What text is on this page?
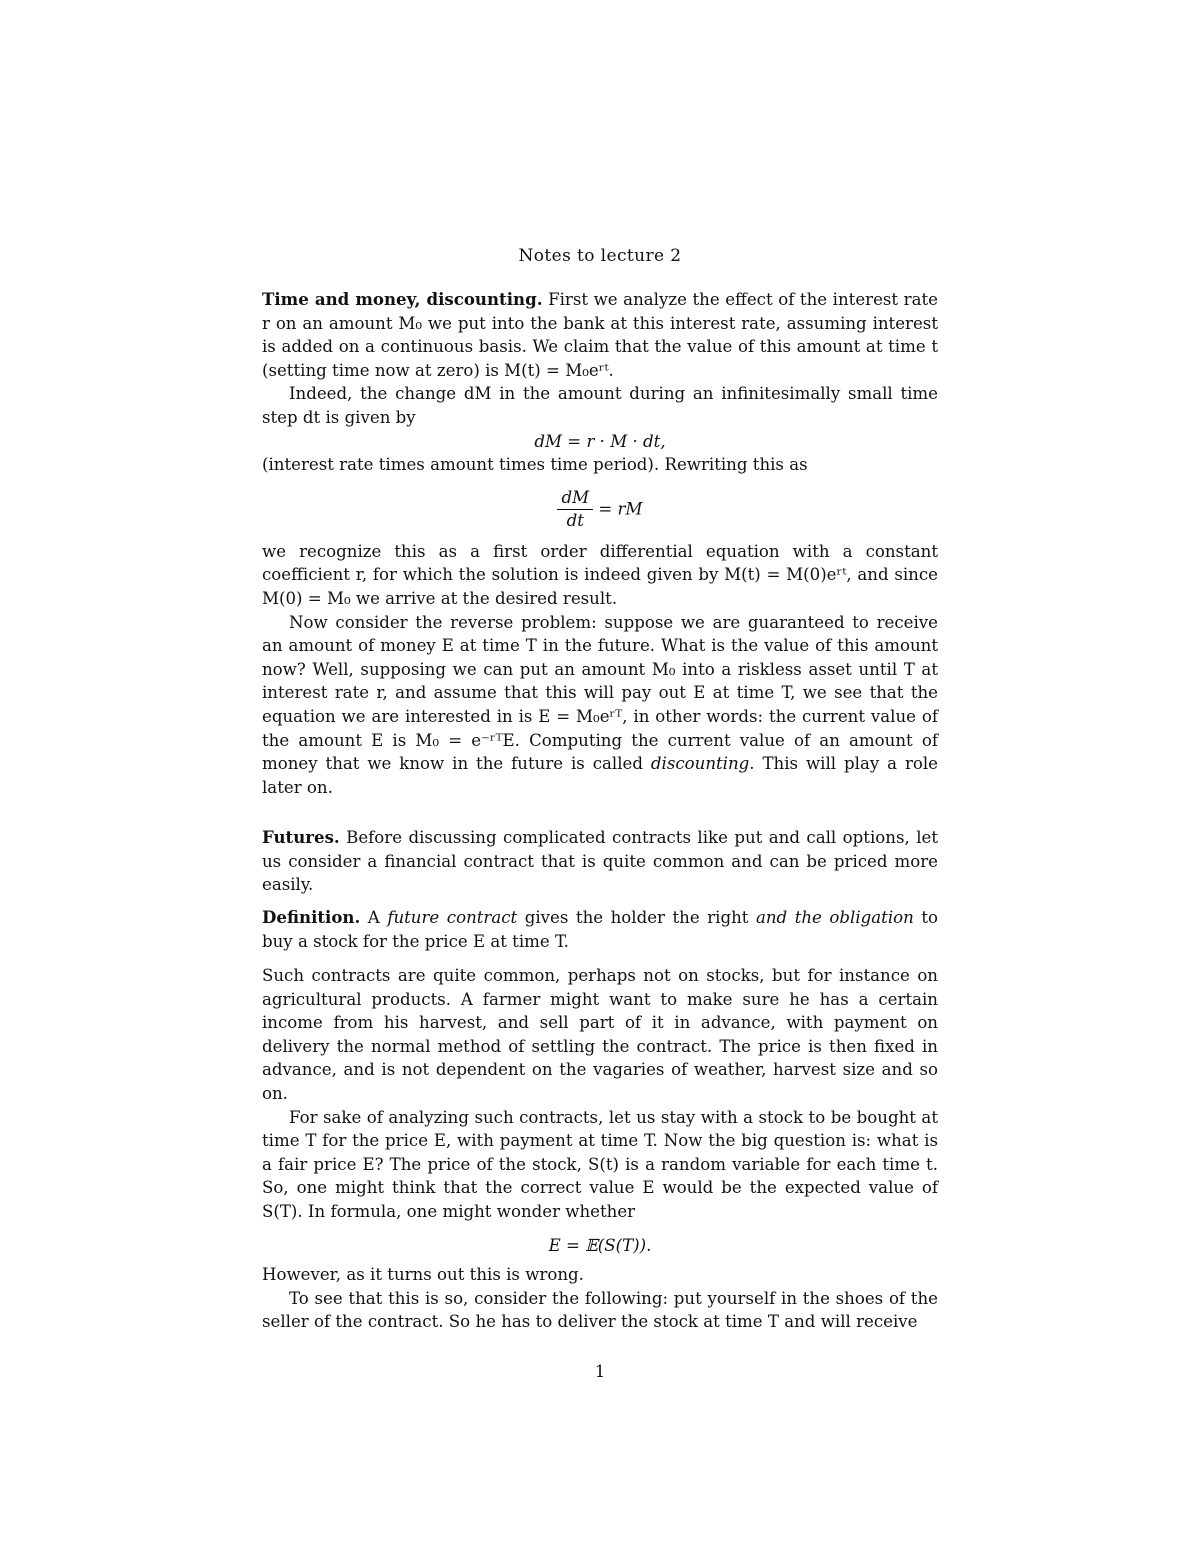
Notes to lecture 2

Time and money, discounting. First we analyze the effect of the interest rate r on an amount M₀ we put into the bank at this interest rate, assuming interest is added on a continuous basis. We claim that the value of this amount at time t (setting time now at zero) is M(t) = M₀eʳᵗ.

Indeed, the change dM in the amount during an infinitesimally small time step dt is given by

dM = r · M · dt,

(interest rate times amount times time period). Rewriting this as

$\frac{dM}{dt}$ = rM

we recognize this as a first order differential equation with a constant coefficient r, for which the solution is indeed given by M(t) = M(0)eʳᵗ, and since M(0) = M₀ we arrive at the desired result.

Now consider the reverse problem: suppose we are guaranteed to receive an amount of money E at time T in the future. What is the value of this amount now? Well, supposing we can put an amount M₀ into a riskless asset until T at interest rate r, and assume that this will pay out E at time T, we see that the equation we are interested in is E = M₀eʳᵀ, in other words: the current value of the amount E is M₀ = e⁻ʳᵀE. Computing the current value of an amount of money that we know in the future is called discounting. This will play a role later on.

Futures. Before discussing complicated contracts like put and call options, let us consider a financial contract that is quite common and can be priced more easily.

Definition. A future contract gives the holder the right and the obligation to buy a stock for the price E at time T.

Such contracts are quite common, perhaps not on stocks, but for instance on agricultural products. A farmer might want to make sure he has a certain income from his harvest, and sell part of it in advance, with payment on delivery the normal method of settling the contract. The price is then fixed in advance, and is not dependent on the vagaries of weather, harvest size and so on.

For sake of analyzing such contracts, let us stay with a stock to be bought at time T for the price E, with payment at time T. Now the big question is: what is a fair price E? The price of the stock, S(t) is a random variable for each time t. So, one might think that the correct value E would be the expected value of S(T). In formula, one might wonder whether

E = 𝔼(S(T)).

However, as it turns out this is wrong.

To see that this is so, consider the following: put yourself in the shoes of the seller of the contract. So he has to deliver the stock at time T and will receive

1
